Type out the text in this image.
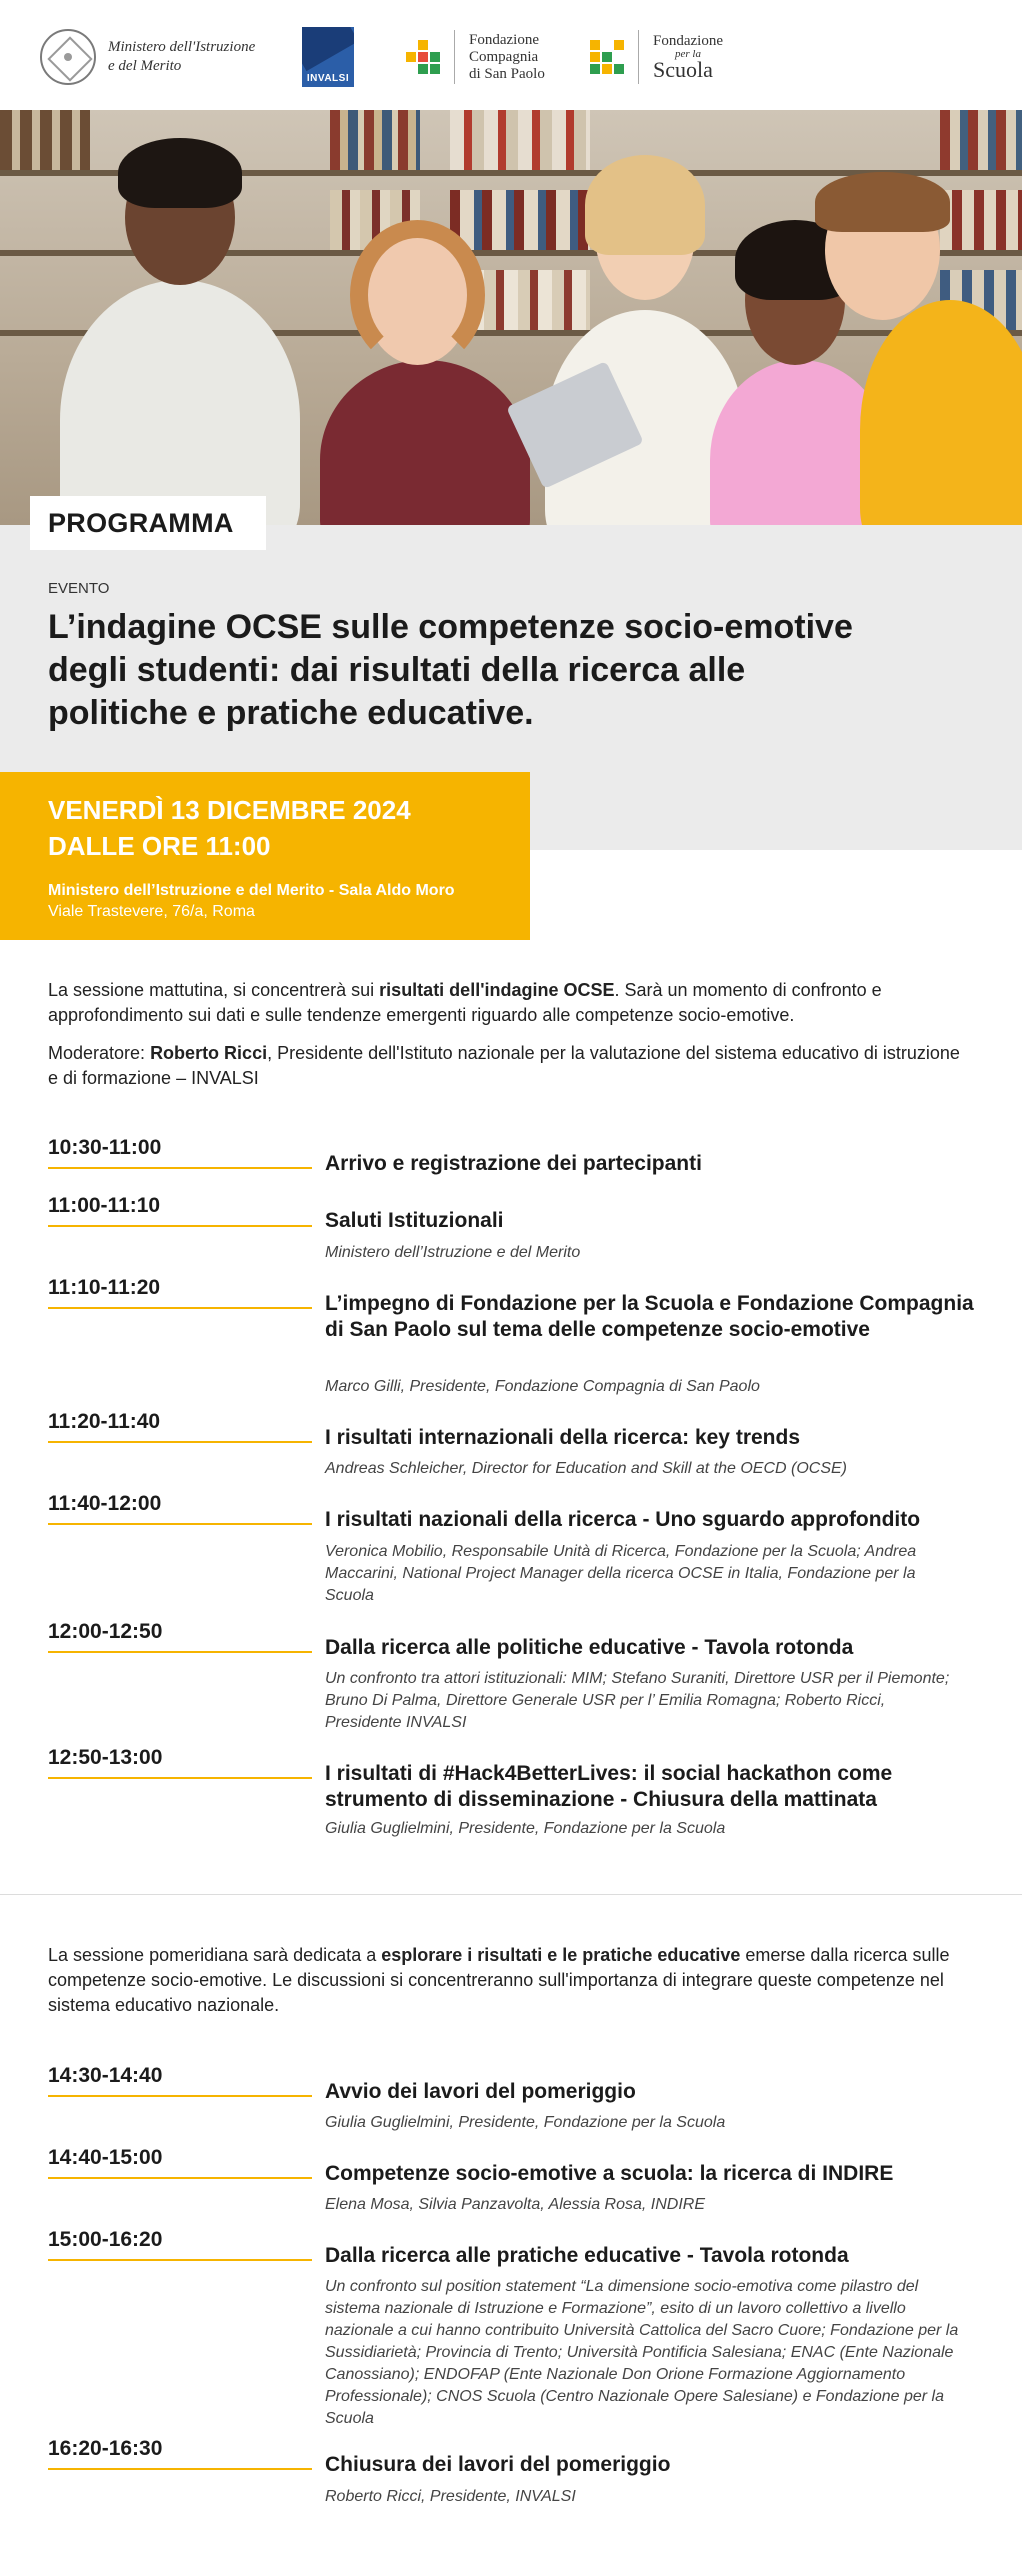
Ministero dell'Istruzione
e del Merito
INVALSI
Fondazione
Compagnia
di San Paolo
Fondazione
per la
Scuola
PROGRAMMA
EVENTO
L’indagine OCSE sulle competenze socio-emotive
degli studenti: dai risultati della ricerca alle
politiche e pratiche educative.
VENERDÌ 13 DICEMBRE 2024
DALLE ORE 11:00
Ministero dell’Istruzione e del Merito - Sala Aldo Moro
Viale Trastevere, 76/a, Roma
La sessione mattutina, si concentrerà sui risultati dell'indagine OCSE. Sarà un momento di confronto e approfondimento sui dati e sulle tendenze emergenti riguardo alle competenze socio-emotive.
Moderatore: Roberto Ricci, Presidente dell'Istituto nazionale per la valutazione del sistema educativo di istruzione e di formazione – INVALSI
10:30-11:00
Arrivo e registrazione dei partecipanti
11:00-11:10
Saluti Istituzionali
Ministero dell’Istruzione e del Merito
11:10-11:20
L’impegno di Fondazione per la Scuola e Fondazione Compagnia di San Paolo sul tema delle competenze socio-emotive
Marco Gilli, Presidente, Fondazione Compagnia di San Paolo
11:20-11:40
I risultati internazionali della ricerca: key trends
Andreas Schleicher, Director for Education and Skill at the OECD (OCSE)
11:40-12:00
I risultati nazionali della ricerca - Uno sguardo approfondito
Veronica Mobilio, Responsabile Unità di Ricerca, Fondazione per la Scuola; Andrea Maccarini, National Project Manager della ricerca OCSE in Italia, Fondazione per la Scuola
12:00-12:50
Dalla ricerca alle politiche educative - Tavola rotonda
Un confronto tra attori istituzionali: MIM; Stefano Suraniti, Direttore USR per il Piemonte; Bruno Di Palma, Direttore Generale USR per l’ Emilia Romagna; Roberto Ricci, Presidente INVALSI
12:50-13:00
I risultati di #Hack4BetterLives: il social hackathon come strumento di disseminazione - Chiusura della mattinata
Giulia Guglielmini, Presidente, Fondazione per la Scuola
La sessione pomeridiana sarà dedicata a esplorare i risultati e le pratiche educative emerse dalla ricerca sulle competenze socio-emotive. Le discussioni si concentreranno sull'importanza di integrare queste competenze nel sistema educativo nazionale.
14:30-14:40
Avvio dei lavori del pomeriggio
Giulia Guglielmini, Presidente, Fondazione per la Scuola
14:40-15:00
Competenze socio-emotive a scuola: la ricerca di INDIRE
Elena Mosa, Silvia Panzavolta, Alessia Rosa, INDIRE
15:00-16:20
Dalla ricerca alle pratiche educative - Tavola rotonda
Un confronto sul position statement “La dimensione socio-emotiva come pilastro del sistema nazionale di Istruzione e Formazione”, esito di un lavoro collettivo a livello nazionale a cui hanno contribuito Università Cattolica del Sacro Cuore; Fondazione per la Sussidiarietà; Provincia di Trento; Università Pontificia Salesiana; ENAC (Ente Nazionale Canossiano); ENDOFAP (Ente Nazionale Don Orione Formazione Aggiornamento Professionale); CNOS Scuola (Centro Nazionale Opere Salesiane) e Fondazione per la Scuola
16:20-16:30
Chiusura dei lavori del pomeriggio
Roberto Ricci, Presidente, INVALSI
